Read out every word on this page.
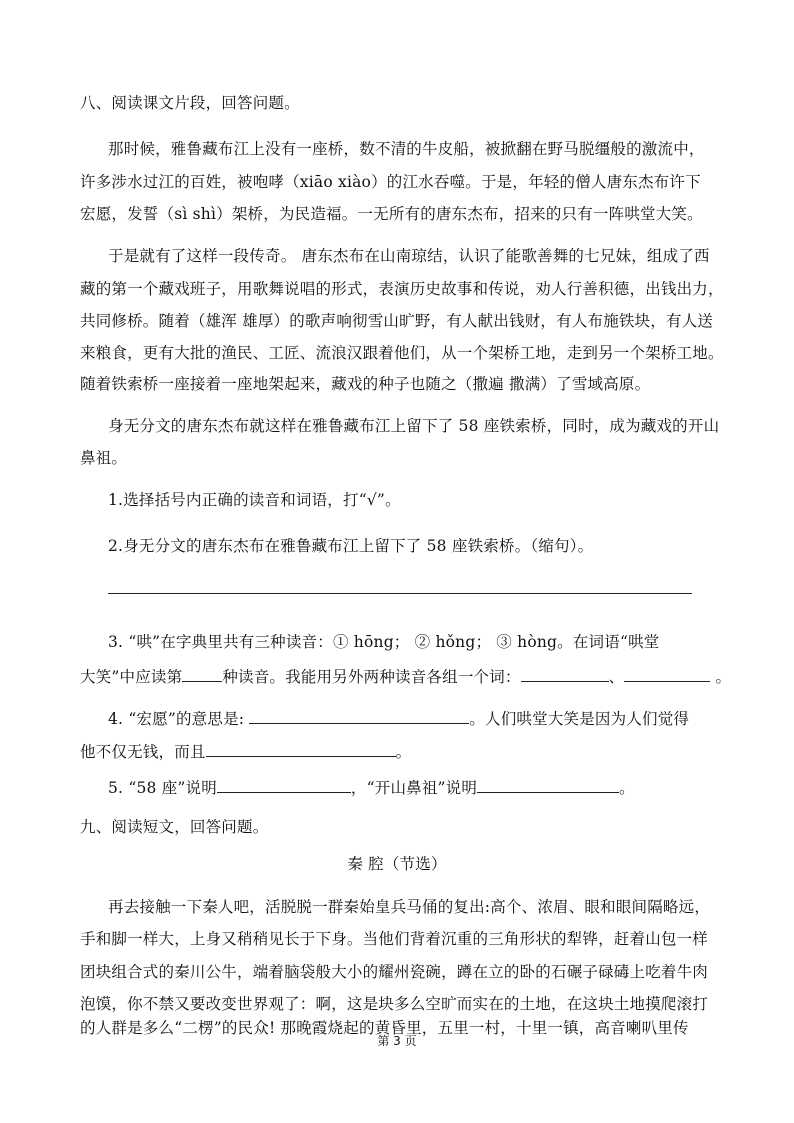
八、阅读课文片段，回答问题。
那时候，雅鲁藏布江上没有一座桥，数不清的牛皮船，被掀翻在野马脱缰般的激流中，
许多涉水过江的百姓，被咆哮（xiāo xiào）的江水吞噬。于是，年轻的僧人唐东杰布许下
宏愿，发誓（sì shì）架桥，为民造福。一无所有的唐东杰布，招来的只有一阵哄堂大笑。
于是就有了这样一段传奇。 唐东杰布在山南琼结，认识了能歌善舞的七兄妹，组成了西
藏的第一个藏戏班子，用歌舞说唱的形式，表演历史故事和传说，劝人行善积德，出钱出力，
共同修桥。随着（雄浑 雄厚）的歌声响彻雪山旷野，有人献出钱财，有人布施铁块，有人送
来粮食，更有大批的渔民、工匠、流浪汉跟着他们，从一个架桥工地，走到另一个架桥工地。
随着铁索桥一座接着一座地架起来，藏戏的种子也随之（撒遍 撒满）了雪域高原。
身无分文的唐东杰布就这样在雅鲁藏布江上留下了 58 座铁索桥，同时，成为藏戏的开山
鼻祖。
1.选择括号内正确的读音和词语，打“√”。
2.身无分文的唐东杰布在雅鲁藏布江上留下了 58 座铁索桥。（缩句）。
3. “哄”在字典里共有三种读音：① hōng； ② hǒng； ③ hòng。在词语“哄堂
大笑”中应读第	种读音。我能用另外两种读音各组一个词：	、	。
4. “宏愿”的意思是:	。人们哄堂大笑是因为人们觉得
他不仅无钱，而且	。
5. “58 座”说明	，“开山鼻祖”说明	。
九、阅读短文，回答问题。
秦 腔（节选）
再去接触一下秦人吧，活脱脱一群秦始皇兵马俑的复出:高个、浓眉、眼和眼间隔略远，
手和脚一样大，上身又稍稍见长于下身。当他们背着沉重的三角形状的犁铧，赶着山包一样
团块组合式的秦川公牛，端着脑袋般大小的耀州瓷碗，蹲在立的卧的石碾子碌碡上吃着牛肉
泡馍，你不禁又要改变世界观了：啊，这是块多么空旷而实在的土地，在这块土地摸爬滚打
的人群是多么“二楞”的民众! 那晚霞烧起的黄昏里，五里一村，十里一镇，高音喇叭里传
第 3 页
